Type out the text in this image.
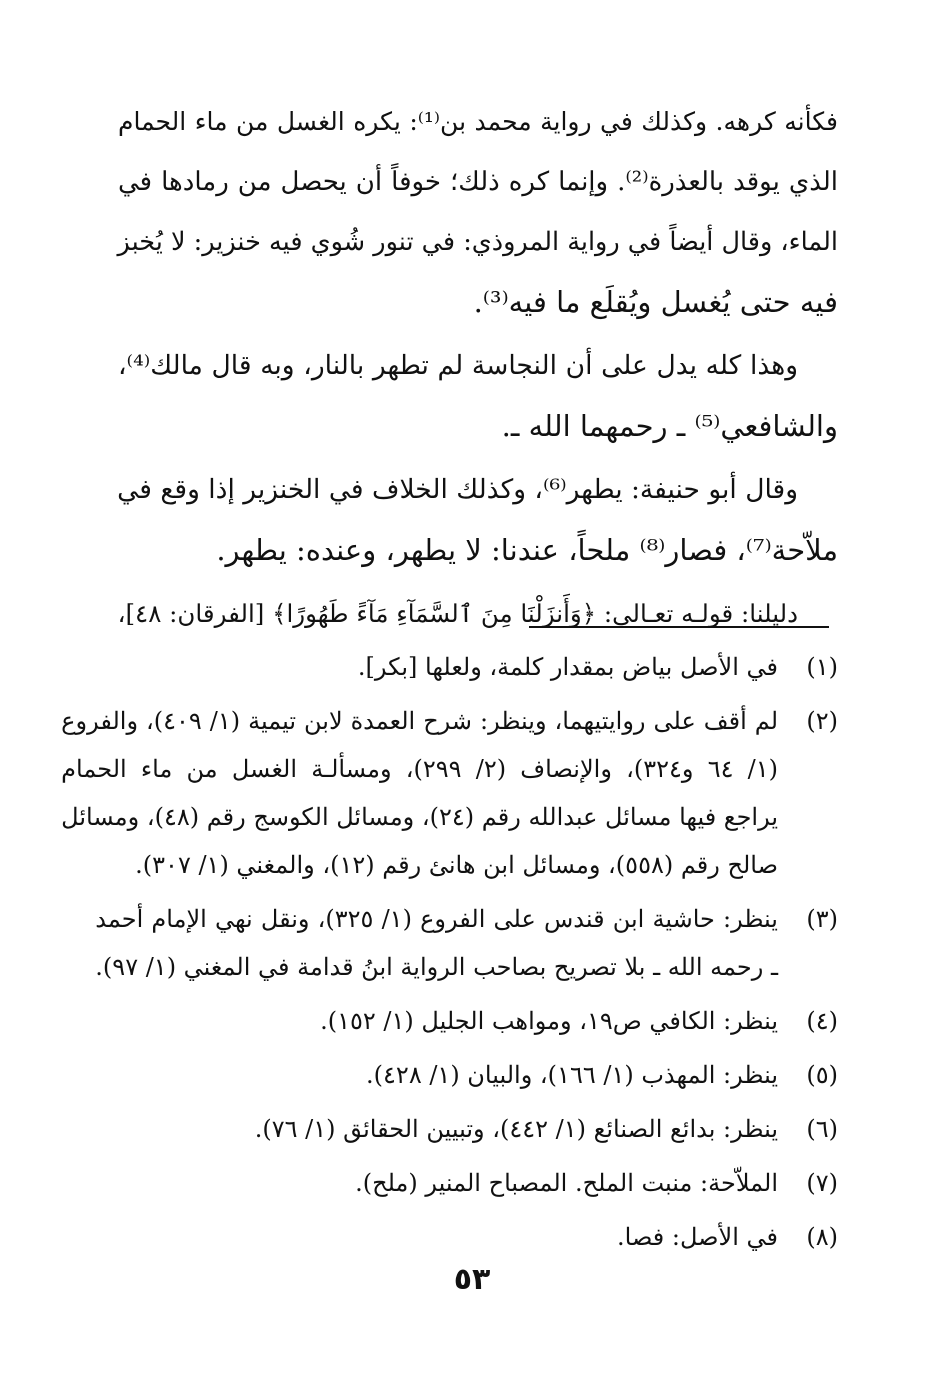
فكأنه كرهه. وكذلك في رواية محمد بن⁽¹⁾: يكره الغسل من ماء الحمام
الذي يوقد بالعذرة⁽²⁾. وإنما كره ذلك؛ خوفاً أن يحصل من رمادها في
الماء، وقال أيضاً في رواية المروذي: في تنور شُوي فيه خنزير: لا يُخبز
فيه حتى يُغسل ويُقلَع ما فيه⁽³⁾.

وهذا كله يدل على أن النجاسة لم تطهر بالنار، وبه قال مالك⁽⁴⁾،
والشافعي⁽⁵⁾ ـ رحمهما الله ـ.

وقال أبو حنيفة: يطهر⁽⁶⁾، وكذلك الخلاف في الخنزير إذا وقع في
ملاّحة⁽⁷⁾، فصار⁽⁸⁾ ملحاً، عندنا: لا يطهر، وعنده: يطهر.

دليلنا: قولـه تعـالى: ﴿وَأَنزَلْنَا مِنَ ٱلسَّمَآءِ مَآءً طَهُورًا﴾ [الفرقان: ٤٨]،

(١)
في الأصل بياض بمقدار كلمة، ولعلها [بكر].
(٢)
لم أقف على روايتيهما، وينظر: شرح العمدة لابن تيمية (١/ ٤٠٩)، والفروع
(١/ ٦٤ و٣٢٤)، والإنصاف (٢/ ٢٩٩)، ومسألـة الغسل من ماء الحمام
يراجع فيها مسائل عبدالله رقم (٢٤)، ومسائل الكوسج رقم (٤٨)، ومسائل
صالح رقم (٥٥٨)، ومسائل ابن هانئ رقم (١٢)، والمغني (١/ ٣٠٧).
(٣)
ينظر: حاشية ابن قندس على الفروع (١/ ٣٢٥)، ونقل نهي الإمام أحمد
ـ رحمه الله ـ بلا تصريح بصاحب الرواية ابنُ قدامة في المغني (١/ ٩٧).
(٤)
ينظر: الكافي ص١٩، ومواهب الجليل (١/ ١٥٢).
(٥)
ينظر: المهذب (١/ ١٦٦)، والبيان (١/ ٤٢٨).
(٦)
ينظر: بدائع الصنائع (١/ ٤٤٢)، وتبيين الحقائق (١/ ٧٦).
(٧)
الملاّحة: منبت الملح. المصباح المنير (ملح).
(٨)
في الأصل: فصا.
٥٣
